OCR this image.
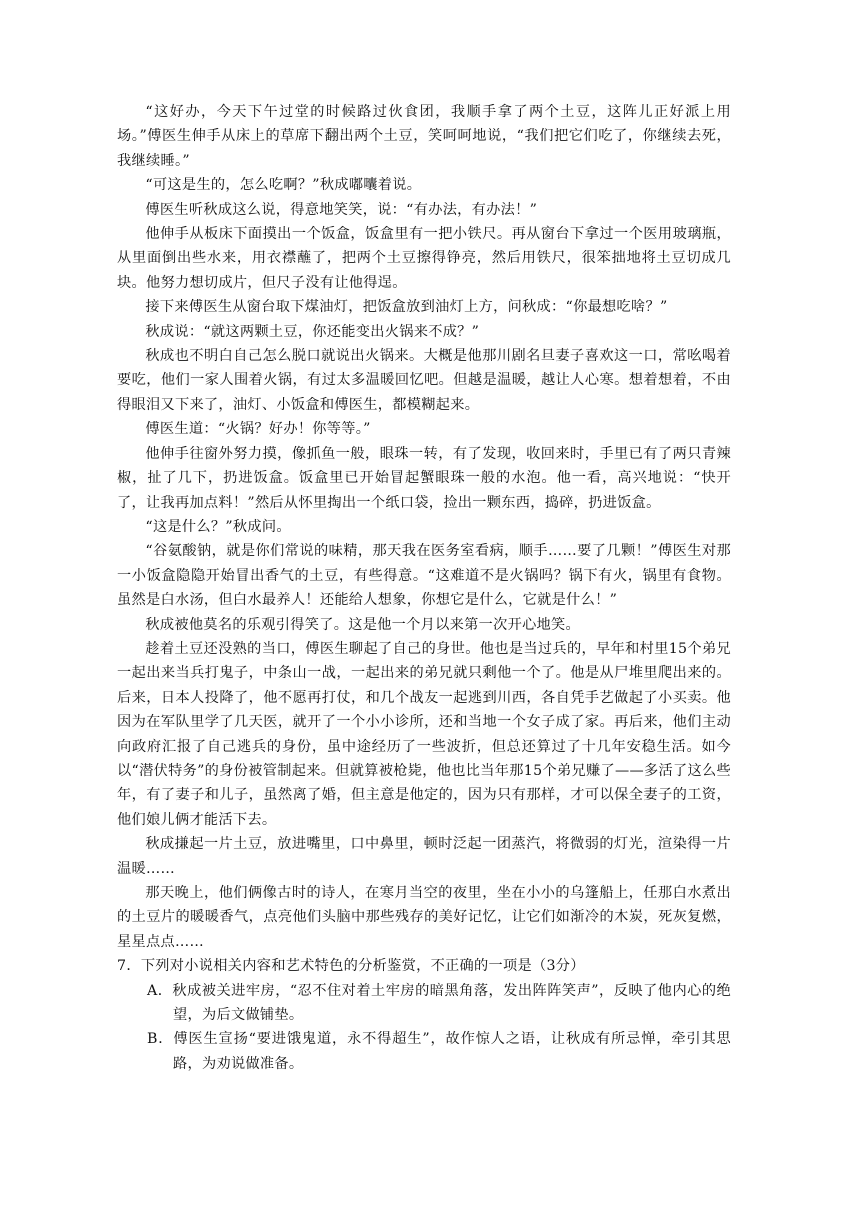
“这好办，今天下午过堂的时候路过伙食团，我顺手拿了两个土豆，这阵儿正好派上用场。”傅医生伸手从床上的草席下翻出两个土豆，笑呵呵地说，“我们把它们吃了，你继续去死，我继续睡。”

“可这是生的，怎么吃啊？”秋成嘟囔着说。

傅医生听秋成这么说，得意地笑笑，说：“有办法，有办法！”

他伸手从板床下面摸出一个饭盒，饭盒里有一把小铁尺。再从窗台下拿过一个医用玻璃瓶，从里面倒出些水来，用衣襟蘸了，把两个土豆擦得铮亮，然后用铁尺，很笨拙地将土豆切成几块。他努力想切成片，但尺子没有让他得逞。

接下来傅医生从窗台取下煤油灯，把饭盒放到油灯上方，问秋成：“你最想吃啥？”

秋成说：“就这两颗土豆，你还能变出火锅来不成？”

秋成也不明白自己怎么脱口就说出火锅来。大概是他那川剧名旦妻子喜欢这一口，常吆喝着要吃，他们一家人围着火锅，有过太多温暖回忆吧。但越是温暖，越让人心寒。想着想着，不由得眼泪又下来了，油灯、小饭盒和傅医生，都模糊起来。

傅医生道：“火锅？好办！你等等。”

他伸手往窗外努力摸，像抓鱼一般，眼珠一转，有了发现，收回来时，手里已有了两只青辣椒，扯了几下，扔进饭盒。饭盒里已开始冒起蟹眼珠一般的水泡。他一看，高兴地说：“快开了，让我再加点料！”然后从怀里掏出一个纸口袋，捡出一颗东西，捣碎，扔进饭盒。

“这是什么？”秋成问。

“谷氨酸钠，就是你们常说的味精，那天我在医务室看病，顺手……要了几颗！”傅医生对那一小饭盒隐隐开始冒出香气的土豆，有些得意。“这难道不是火锅吗？锅下有火，锅里有食物。虽然是白水汤，但白水最养人！还能给人想象，你想它是什么，它就是什么！”

秋成被他莫名的乐观引得笑了。这是他一个月以来第一次开心地笑。

趁着土豆还没熟的当口，傅医生聊起了自己的身世。他也是当过兵的，早年和村里15个弟兄一起出来当兵打鬼子，中条山一战，一起出来的弟兄就只剩他一个了。他是从尸堆里爬出来的。后来，日本人投降了，他不愿再打仗，和几个战友一起逃到川西，各自凭手艺做起了小买卖。他因为在军队里学了几天医，就开了一个小小诊所，还和当地一个女子成了家。再后来，他们主动向政府汇报了自己逃兵的身份，虽中途经历了一些波折，但总还算过了十几年安稳生活。如今以“潜伏特务”的身份被管制起来。但就算被枪毙，他也比当年那15个弟兄赚了——多活了这么些年，有了妻子和儿子，虽然离了婚，但主意是他定的，因为只有那样，才可以保全妻子的工资，他们娘儿俩才能活下去。

秋成搛起一片土豆，放进嘴里，口中鼻里，顿时泛起一团蒸汽，将微弱的灯光，渲染得一片温暖……

那天晚上，他们俩像古时的诗人，在寒月当空的夜里，坐在小小的乌篷船上，任那白水煮出的土豆片的暖暖香气，点亮他们头脑中那些残存的美好记忆，让它们如渐冷的木炭，死灰复燃，星星点点……

7．下列对小说相关内容和艺术特色的分析鉴赏，不正确的一项是（3分）

A．秋成被关进牢房，“忍不住对着土牢房的暗黑角落，发出阵阵笑声”，反映了他内心的绝望，为后文做铺垫。

B．傅医生宣扬“要进饿鬼道，永不得超生”，故作惊人之语，让秋成有所忌惮，牵引其思路，为劝说做准备。
